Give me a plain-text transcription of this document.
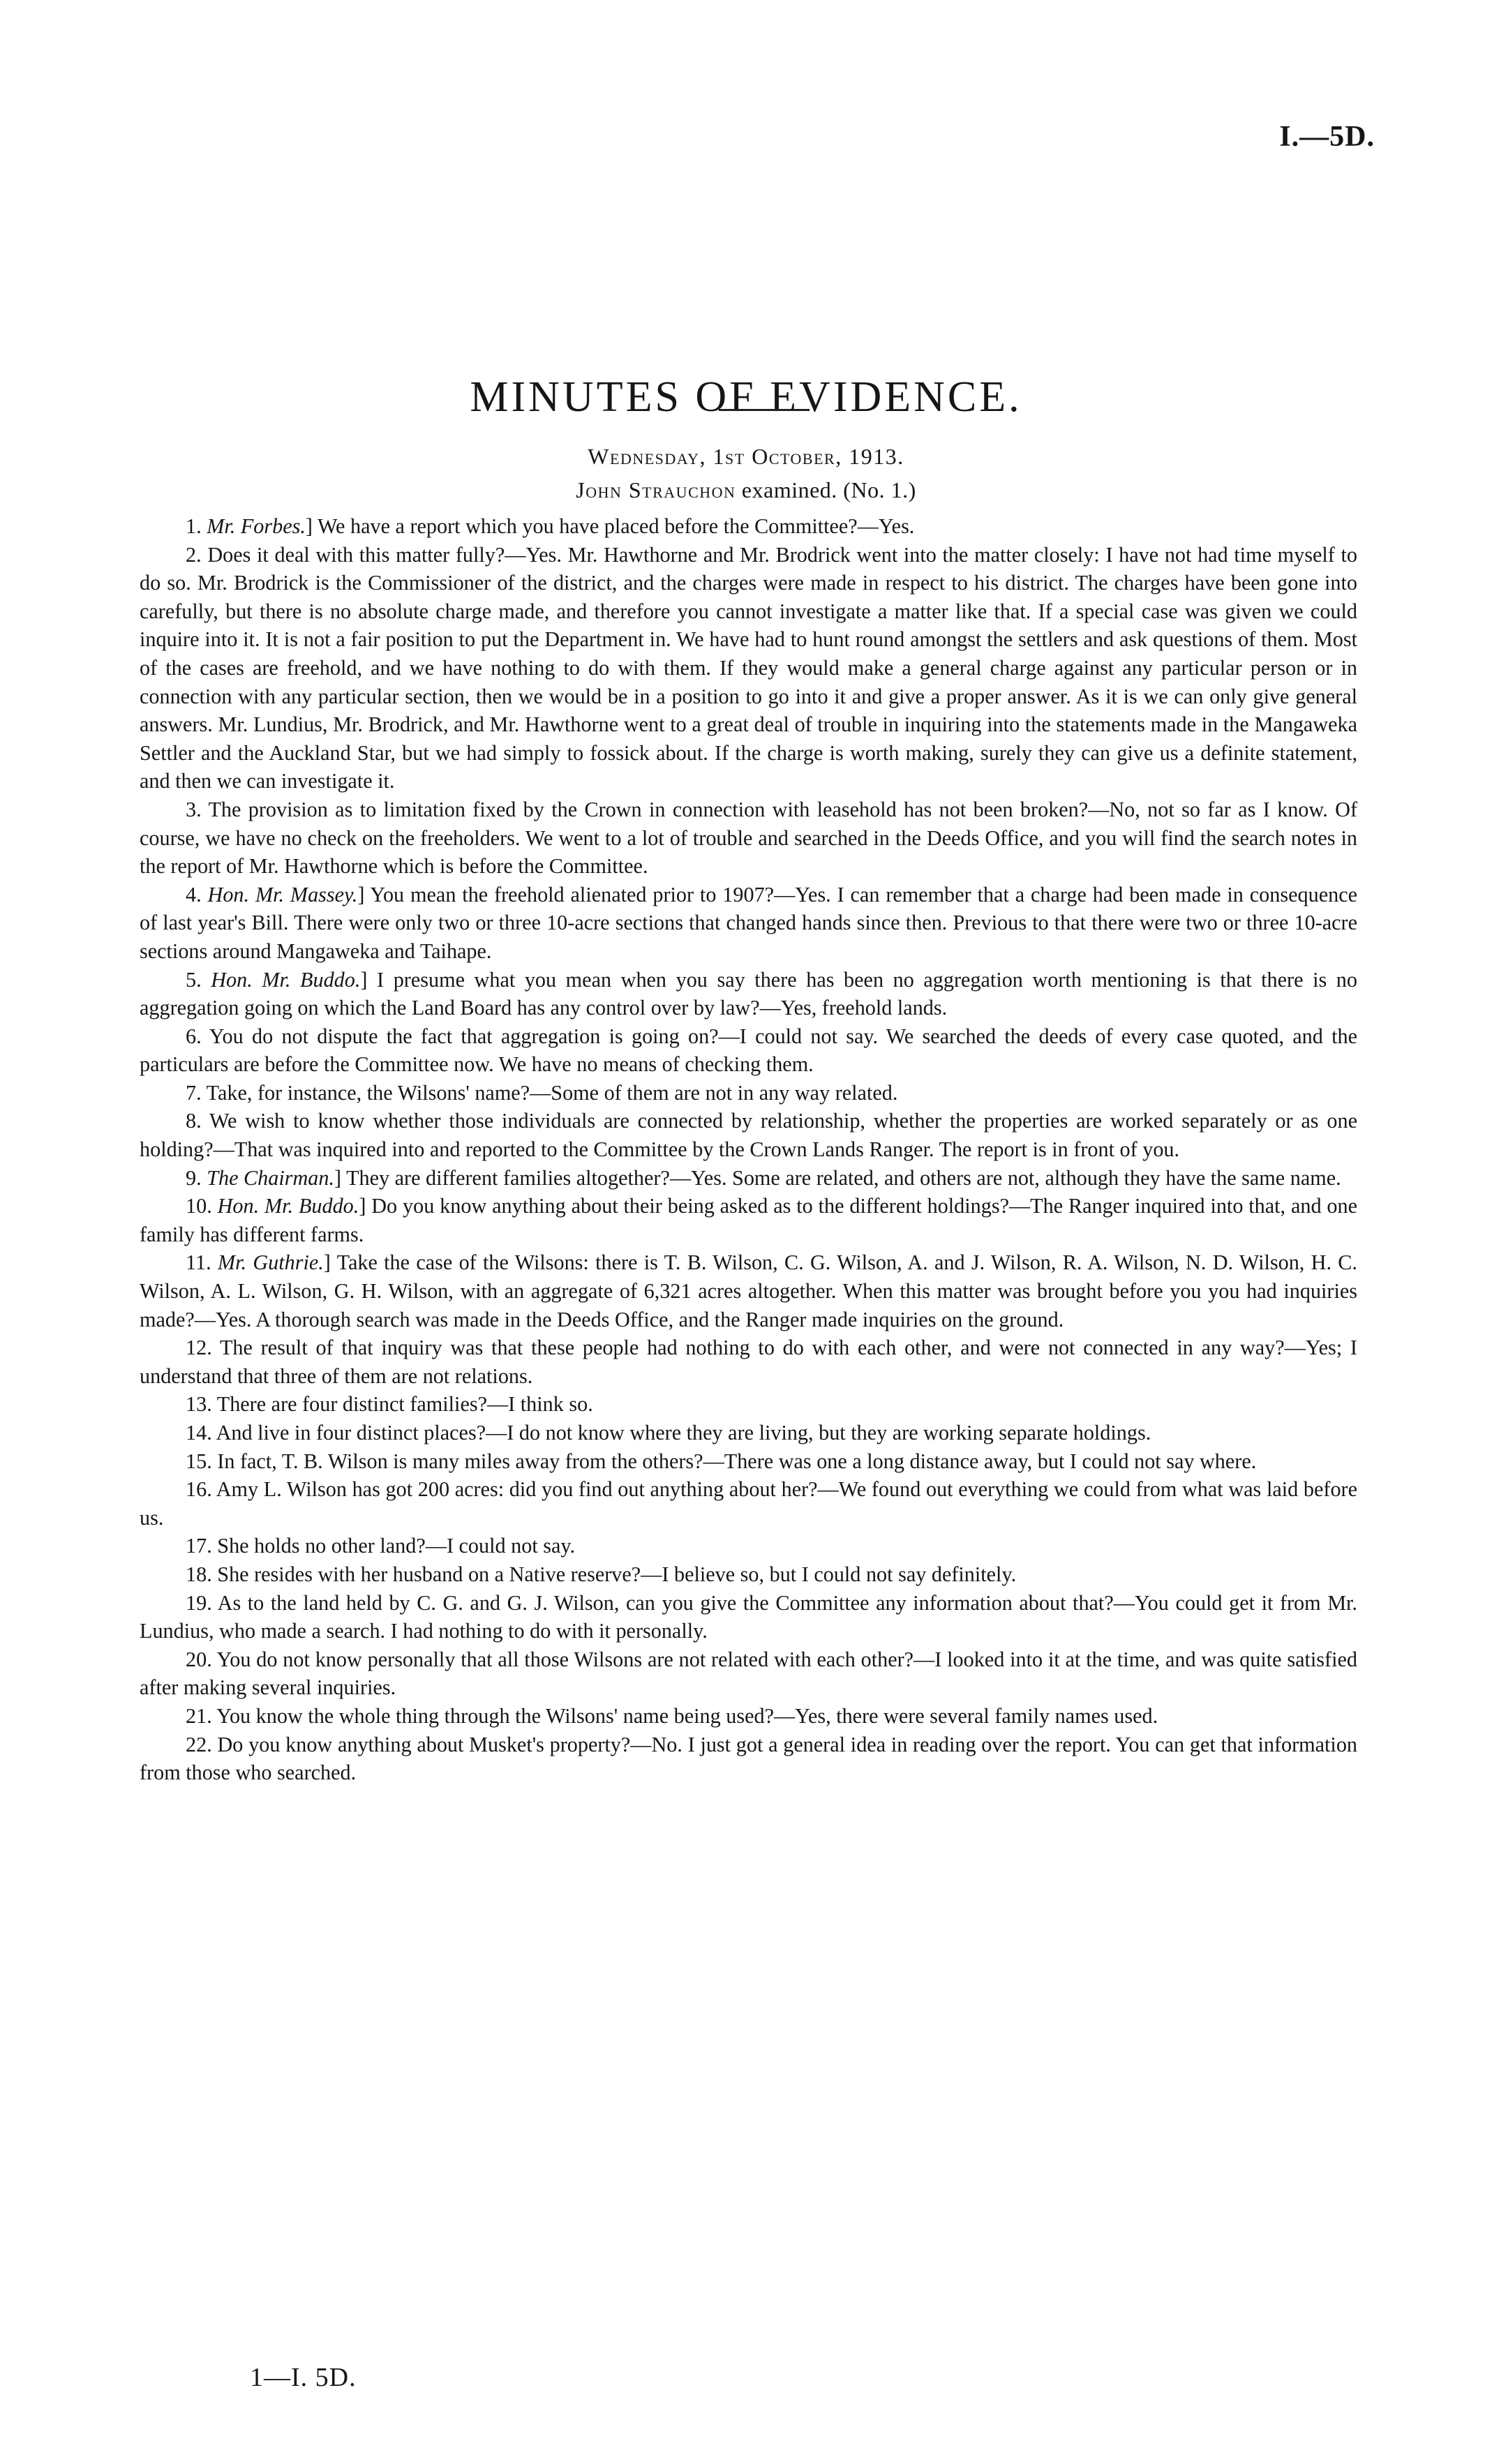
I.—5D.
MINUTES OF EVIDENCE.
Wednesday, 1st October, 1913.
John Strauchon examined. (No. 1.)

1. Mr. Forbes.] We have a report which you have placed before the Committee?—Yes.

2. Does it deal with this matter fully?—Yes. Mr. Hawthorne and Mr. Brodrick went into the matter closely: I have not had time myself to do so. Mr. Brodrick is the Commissioner of the district, and the charges were made in respect to his district. The charges have been gone into carefully, but there is no absolute charge made, and therefore you cannot investigate a matter like that. If a special case was given we could inquire into it. It is not a fair position to put the Department in. We have had to hunt round amongst the settlers and ask questions of them. Most of the cases are freehold, and we have nothing to do with them. If they would make a general charge against any particular person or in connection with any particular section, then we would be in a position to go into it and give a proper answer. As it is we can only give general answers. Mr. Lundius, Mr. Brodrick, and Mr. Hawthorne went to a great deal of trouble in inquiring into the statements made in the Mangaweka Settler and the Auckland Star, but we had simply to fossick about. If the charge is worth making, surely they can give us a definite statement, and then we can investigate it.

3. The provision as to limitation fixed by the Crown in connection with leasehold has not been broken?—No, not so far as I know. Of course, we have no check on the freeholders. We went to a lot of trouble and searched in the Deeds Office, and you will find the search notes in the report of Mr. Hawthorne which is before the Committee.

4. Hon. Mr. Massey.] You mean the freehold alienated prior to 1907?—Yes. I can remember that a charge had been made in consequence of last year's Bill. There were only two or three 10-acre sections that changed hands since then. Previous to that there were two or three 10-acre sections around Mangaweka and Taihape.

5. Hon. Mr. Buddo.] I presume what you mean when you say there has been no aggregation worth mentioning is that there is no aggregation going on which the Land Board has any control over by law?—Yes, freehold lands.

6. You do not dispute the fact that aggregation is going on?—I could not say. We searched the deeds of every case quoted, and the particulars are before the Committee now. We have no means of checking them.

7. Take, for instance, the Wilsons' name?—Some of them are not in any way related.

8. We wish to know whether those individuals are connected by relationship, whether the properties are worked separately or as one holding?—That was inquired into and reported to the Committee by the Crown Lands Ranger. The report is in front of you.

9. The Chairman.] They are different families altogether?—Yes. Some are related, and others are not, although they have the same name.

10. Hon. Mr. Buddo.] Do you know anything about their being asked as to the different holdings?—The Ranger inquired into that, and one family has different farms.

11. Mr. Guthrie.] Take the case of the Wilsons: there is T. B. Wilson, C. G. Wilson, A. and J. Wilson, R. A. Wilson, N. D. Wilson, H. C. Wilson, A. L. Wilson, G. H. Wilson, with an aggregate of 6,321 acres altogether. When this matter was brought before you you had inquiries made?—Yes. A thorough search was made in the Deeds Office, and the Ranger made inquiries on the ground.

12. The result of that inquiry was that these people had nothing to do with each other, and were not connected in any way?—Yes; I understand that three of them are not relations.

13. There are four distinct families?—I think so.

14. And live in four distinct places?—I do not know where they are living, but they are working separate holdings.

15. In fact, T. B. Wilson is many miles away from the others?—There was one a long distance away, but I could not say where.

16. Amy L. Wilson has got 200 acres: did you find out anything about her?—We found out everything we could from what was laid before us.

17. She holds no other land?—I could not say.

18. She resides with her husband on a Native reserve?—I believe so, but I could not say definitely.

19. As to the land held by C. G. and G. J. Wilson, can you give the Committee any information about that?—You could get it from Mr. Lundius, who made a search. I had nothing to do with it personally.

20. You do not know personally that all those Wilsons are not related with each other?—I looked into it at the time, and was quite satisfied after making several inquiries.

21. You know the whole thing through the Wilsons' name being used?—Yes, there were several family names used.

22. Do you know anything about Musket's property?—No. I just got a general idea in reading over the report. You can get that information from those who searched.

1—I. 5D.
